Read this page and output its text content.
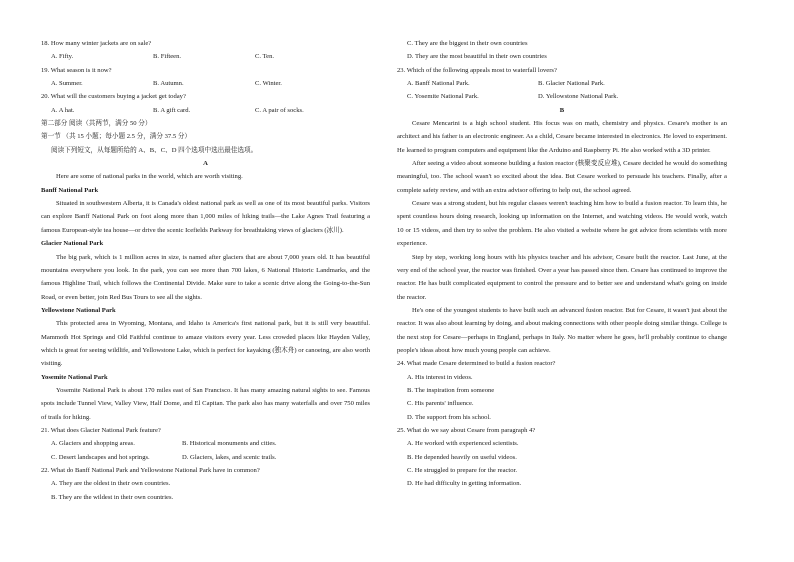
18. How many winter jackets are on sale?
A. Fifty.	B. Fifteen.	C. Ten.
19. What season is it now?
A. Summer.	B. Autumn.	C. Winter.
20. What will the customers buying a jacket get today?
A. A hat.	B. A gift card.	C. A pair of socks.
第二部分 阅读（共两节，满分 50 分）
第一节 （共 15 小题；每小题 2.5 分，满分 37.5 分）
阅读下列短文，从每题所给的 A、B、C、D 四个选项中选出最佳选项。
A
Here are some of national parks in the world, which are worth visiting.
Banff National Park
Situated in southwestern Alberta, it is Canada's oldest national park as well as one of its most beautiful parks. Visitors can explore Banff National Park on foot along more than 1,000 miles of hiking trails—the Lake Agnes Trail featuring a famous European-style tea house—or drive the scenic Icefields Parkway for breathtaking views of glaciers (冰川).
Glacier National Park
The big park, which is 1 million acres in size, is named after glaciers that are about 7,000 years old. It has beautiful mountains everywhere you look. In the park, you can see more than 700 lakes, 6 National Historic Landmarks, and the famous Highline Trail, which follows the Continental Divide. Make sure to take a scenic drive along the Going-to-the-Sun Road, or even better, join Red Bus Tours to see all the sights.
Yellowstone National Park
This protected area in Wyoming, Montana, and Idaho is America's first national park, but it is still very beautiful. Mammoth Hot Springs and Old Faithful continue to amaze visitors every year. Less crowded places like Hayden Valley, which is great for seeing wildlife, and Yellowstone Lake, which is perfect for kayaking (独木舟) or canoeing, are also worth visiting.
Yosemite National Park
Yosemite National Park is about 170 miles east of San Francisco. It has many amazing natural sights to see. Famous spots include Tunnel View, Valley View, Half Dome, and El Capitan. The park also has many waterfalls and over 750 miles of trails for hiking.
21. What does Glacier National Park feature?
A. Glaciers and shopping areas.	B. Historical monuments and cities.
C. Desert landscapes and hot springs.	D. Glaciers, lakes, and scenic trails.
22. What do Banff National Park and Yellowstone National Park have in common?
A. They are the oldest in their own countries.
B. They are the wildest in their own countries.
C. They are the biggest in their own countries
D. They are the most beautiful in their own countries
23. Which of the following appeals most to waterfall lovers?
A. Banff National Park.	B. Glacier National Park.
C. Yosemite National Park.	D. Yellowstone National Park.
B
Cesare Mencarini is a high school student. His focus was on math, chemistry and physics. Cesare's mother is an architect and his father is an electronic engineer. As a child, Cesare became interested in electronics. He loved to experiment. He learned to program computers and equipment like the Arduino and Raspberry Pi. He also worked with a 3D printer.
After seeing a video about someone building a fusion reactor (核聚变反应堆), Cesare decided he would do something meaningful, too. The school wasn't so excited about the idea. But Cesare worked to persuade his teachers. Finally, after a complete safety review, and with an extra advisor offering to help out, the school agreed.
Cesare was a strong student, but his regular classes weren't teaching him how to build a fusion reactor. To learn this, he spent countless hours doing research, looking up information on the Internet, and watching videos. He would work, watch 10 or 15 videos, and then try to solve the problem. He also visited a website where he got advice from scientists with more experience.
Step by step, working long hours with his physics teacher and his advisor, Cesare built the reactor. Last June, at the very end of the school year, the reactor was finished. Over a year has passed since then. Cesare has continued to improve the reactor. He has built complicated equipment to control the pressure and to better see and understand what's going on inside the reactor.
He's one of the youngest students to have built such an advanced fusion reactor. But for Cesare, it wasn't just about the reactor. It was also about learning by doing, and about making connections with other people doing similar things. College is the next stop for Cesare—perhaps in England, perhaps in Italy. No matter where he goes, he'll probably continue to change people's ideas about how much young people can achieve.
24. What made Cesare determined to build a fusion reactor?
A. His interest in videos.
B. The inspiration from someone
C. His parents' influence.
D. The support from his school.
25. What do we say about Cesare from paragraph 4?
A. He worked with experienced scientists.
B. He depended heavily on useful videos.
C. He struggled to prepare for the reactor.
D. He had difficulty in getting information.
